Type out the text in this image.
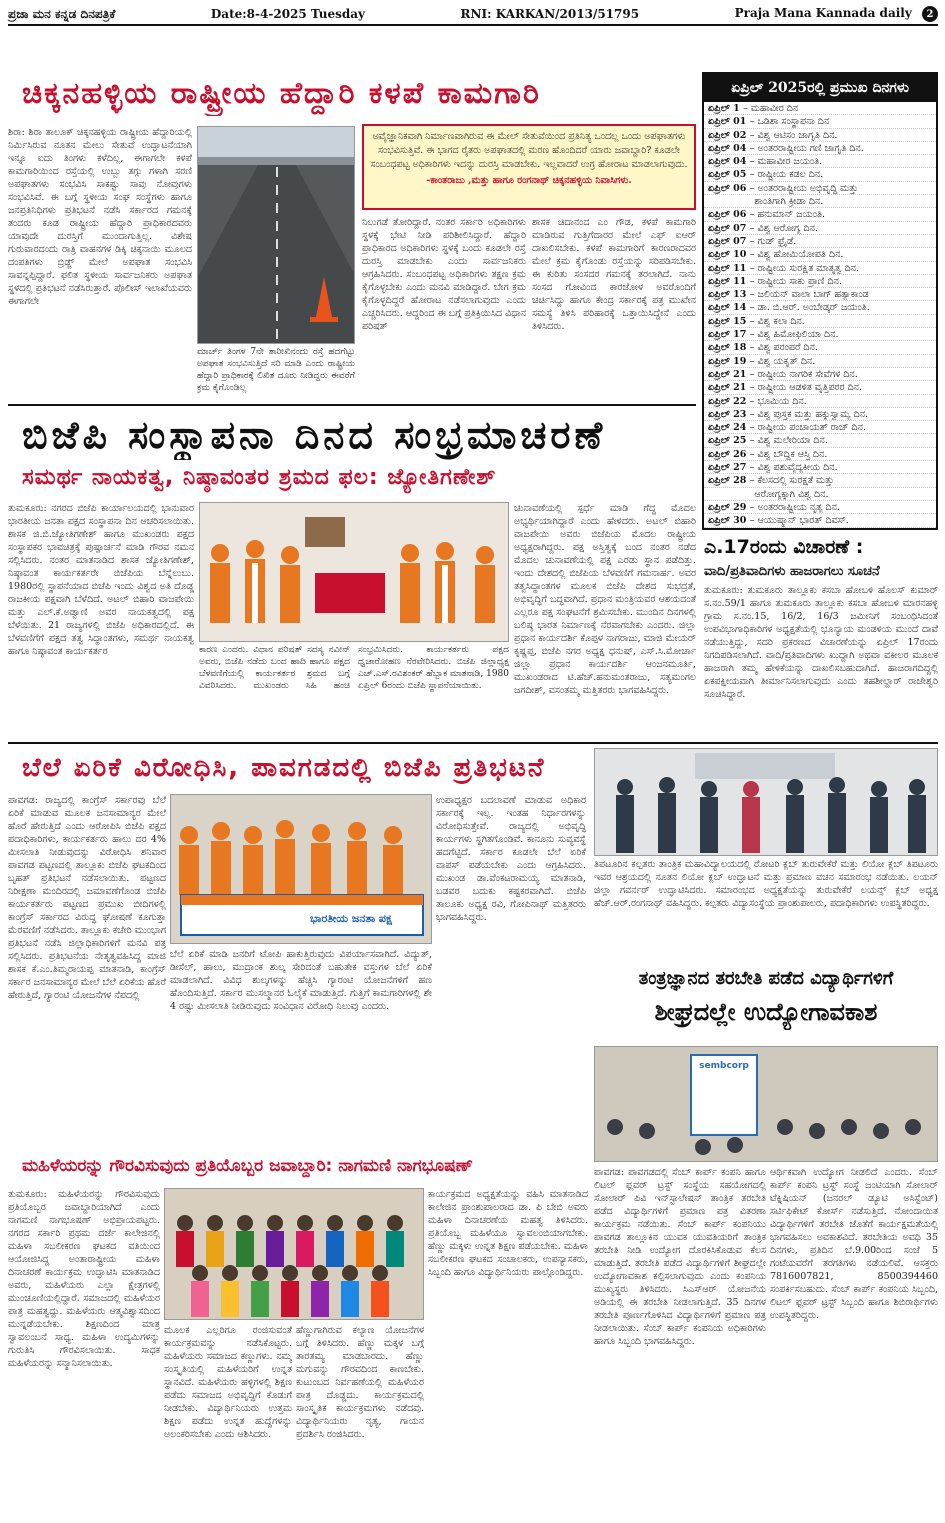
ಪ್ರಜಾ ಮನ ಕನ್ನಡ ದಿನಪತ್ರಿಕೆ	Date:8-4-2025 Tuesday	RNI: KARKAN/2013/51795	Praja Mana Kannada daily 2
ಚಿಕ್ಕನಹಳ್ಳಿಯ ರಾಷ್ಟ್ರೀಯ ಹೆದ್ದಾರಿ ಕಳಪೆ ಕಾಮಗಾರಿ
ಶಿರಾ: ಶಿರಾ ತಾಲೂಕ್ ಚಿಕ್ಕನಹಳ್ಳಿಯ ರಾಷ್ಟ್ರೀಯ ಹೆದ್ದಾರಿಯಲ್ಲಿ ನಿರ್ಮಿಸಿರುವ ನೂತನ ಮೇಲು ಸೇತುವೆ ಉದ್ಘಾಟನೆಯಾಗಿ ಇನ್ನೂ ಐದು ತಿಂಗಳು ಕಳೆದಿಲ್ಲ, ಈಗಾಗಲೇ ಕಳಪೆ ಕಾಮಗಾರಿಯಿಂದ ರಸ್ತೆಯಲ್ಲಿ ಉಬ್ಬು ತಗ್ಗು ಗಳಾಗಿ ಸರಣಿ ಅಪಘಾತಗಳು ಸಂಭವಿಸಿ ಸಾಕಷ್ಟು ಸಾವು ನೋವುಗಳು ಸಂಭವಿಸಿವೆ. ಈ ಬಗ್ಗೆ ಸ್ಥಳೀಯ ಸಂಘ ಸಂಸ್ಥೆಗಳು ಹಾಗೂ ಜನಪ್ರತಿನಿಧಿಗಳು ಪ್ರತಿಭಟನೆ ನಡೆಸಿ ಸರ್ಕಾರದ ಗಮನಕ್ಕೆ ತಂದರು ಕೂಡ ರಾಷ್ಟ್ರೀಯ ಹೆದ್ದಾರಿ ಪ್ರಾಧಿಕಾರದವರು ಯಾವುದೇ ದುರಸ್ತಿಗೆ ಮುಂದಾಗುತ್ತಿಲ್ಲ. ವಿಶೇಷ ಗುರುವಾರದಂದು ರಾತ್ರಿ ವಾಹನಗಳ ಡಿಕ್ಕಿ ಚಿಕ್ಕನಾಯಿ ಮೂಲದ ದಂಪತಿಗಳು ಬ್ರಿಡ್ಜ್ ಮೇಲೆ ಅಪಘಾತ ಸಂಭವಿಸಿ ಸಾವನ್ನಪ್ಪಿದ್ದಾರೆ. ಫಲಿತ ಸ್ಥಳೀಯ ಸಾರ್ವಜನಿಕರು ಅಪಘಾತ ಸ್ಥಳದಲ್ಲಿ ಪ್ರತಿಭಟನೆ ನಡೆಸಿರುತ್ತಾರೆ. ಪೊಲೀಸ್ ಇಲಾಖೆಯವರು ಈಗಾಗಲೇ
ಮಾರ್ಚ್ ತಿಂಗಳ 7ನೇ ತಾರೀಖಿನಂದು ರಸ್ತೆ ಹದಗೆಟ್ಟು ಅಪಘಾತ ಸಂಭವಿಸುತ್ತಿದೆ ಸರಿ ಮಾಡಿ ಎಂದು ರಾಷ್ಟ್ರೀಯ ಹೆದ್ದಾರಿ ಪ್ರಾಧಿಕಾರಕ್ಕೆ ಲಿಖಿತ ದೂರು ನೀಡಿದ್ದರು ಈವರೆಗೆ ಕ್ರಮ ಕೈಗೊಂಡಿಲ್ಲ
ಅವೈಜ್ಞಾನಿಕವಾಗಿ ನಿರ್ಮಾಣವಾಗಿರುವ ಈ ಮೇಲ್ ಸೇತುವೆಯಿಂದ ಪ್ರತಿನಿತ್ಯ ಒಂದಲ್ಲ ಒಂದು ಅಪಘಾತಗಳು ಸಂಭವಿಸುತ್ತಿವೆ. ಈ ಭಾಗದ ರೈತರು ಅಪಘಾತದಲ್ಲಿ ಮರಣ ಹೊಂದಿದರೆ ಯಾರು ಜವಾಬ್ದಾರಿ? ಕೂಡಲೇ ಸಂಬಂಧಪಟ್ಟ ಅಧಿಕಾರಿಗಳು ಇದನ್ನು ದುರಸ್ತಿ ಮಾಡಬೇಕು. ಇಲ್ಲವಾದರೆ ಉಗ್ರ ಹೋರಾಟ ಮಾಡಲಾಗುವುದು.
-ಕಾಂತರಾಜು ,ಮತ್ತು ಹಾಗೂ ರಂಗನಾಥ್ ಚಿಕ್ಕನಹಳ್ಳಿಯ ನಿವಾಸಿಗಳು.
ನಿಲುಗಡೆ ತೋರಿದ್ದಾರೆ. ನಂತರ ಸರ್ಕಾರಿ ಅಧಿಕಾರಿಗಳು ಸ್ಥಳಕ್ಕೆ ಭೇಟಿ ನೀಡಿ ಪರಿಶೀಲಿಸಿದ್ದಾರೆ. ಹೆದ್ದಾರಿ ಪ್ರಾಧಿಕಾರದ ಅಧಿಕಾರಿಗಳು ಸ್ಥಳಕ್ಕೆ ಬಂದು ಕೂಡಲೇ ರಸ್ತೆ ದುರಸ್ತಿ ಮಾಡಬೇಕು ಎಂದು ಸಾರ್ವಜನಿಕರು ಆಗ್ರಹಿಸಿದರು. ಸಂಬಂಧಪಟ್ಟ ಅಧಿಕಾರಿಗಳು ತಕ್ಷಣ ಕ್ರಮ ಕೈಗೊಳ್ಳಬೇಕು ಎಂದು ಮನವಿ ಮಾಡಿದ್ದಾರೆ. ಬೇಗ ಕ್ರಮ ಕೈಗೊಳ್ಳದಿದ್ದರೆ ಹೋರಾಟ ನಡೆಸಲಾಗುವುದು ಎಂದು ಎಚ್ಚರಿಸಿದರು. ಆದ್ದರಿಂದ ಈ ಬಗ್ಗೆ ಪ್ರತಿಕ್ರಿಯಿಸಿದ ವಿಧಾನ ಪರಿಷತ್
ಶಾಸಕ ಚಿದಾನಂದ ಎಂ ಗೌಡ, ಕಳಪೆ ಕಾಮಗಾರಿ ಮಾಡಿರುವ ಗುತ್ತಿಗೆದಾರರ ಮೇಲೆ ಎಫ್ ಐಆರ್ ದಾಖಲಿಸಬೇಕು. ಕಳಪೆ ಕಾಮಗಾರಿಗೆ ಕಾರಣರಾದವರ ಮೇಲೆ ಕ್ರಮ ಕೈಗೊಂಡು ರಸ್ತೆಯನ್ನು ಸರಿಪಡಿಸಬೇಕು. ಈ ಕುರಿತು ಸಂಸದರ ಗಮನಕ್ಕೆ ತರಲಾಗಿದೆ. ನಾನು ಸಂಸದ ಗೋವಿಂದ ಕಾರಜೋಳ ಅವರೊಂದಿಗೆ ಚರ್ಚಿಸಿದ್ದು ಹಾಗೂ ಕೇಂದ್ರ ಸರ್ಕಾರಕ್ಕೆ ಪತ್ರ ಮುಖೇನ ಸಮಸ್ಯೆ ತಿಳಿಸಿ ಪರಿಹಾರಕ್ಕೆ ಒತ್ತಾಯಿಸಿದ್ದೇನೆ ಎಂದು ತಿಳಿಸಿದರು.
ಏಪ್ರಿಲ್ 2025ರಲ್ಲಿ ಪ್ರಮುಖ ದಿನಗಳು
ಏಪ್ರಿಲ್ 1 – ಮಹಾವೀರ ದಿನ
ಏಪ್ರಿಲ್ 01 – ಒಡಿಶಾ ಸಂಸ್ಥಾಪನಾ ದಿನ
ಏಪ್ರಿಲ್ 02 – ವಿಶ್ವ ಆಟಿಸಂ ಜಾಗೃತಿ ದಿನ.
ಏಪ್ರಿಲ್ 04 – ಅಂತರರಾಷ್ಟ್ರೀಯ ಗಣಿ ಜಾಗೃತಿ ದಿನ.
ಏಪ್ರಿಲ್ 04 – ಮಹಾವೀರ ಜಯಂತಿ.
ಏಪ್ರಿಲ್ 05 – ರಾಷ್ಟ್ರೀಯ ಕಡಲ ದಿನ.
ಏಪ್ರಿಲ್ 06 – ಅಂತರರಾಷ್ಟ್ರೀಯ ಅಭಿವೃದ್ಧಿ ಮತ್ತು
ಶಾಂತಿಗಾಗಿ ಕ್ರೀಡಾ ದಿನ.
ಏಪ್ರಿಲ್ 06 – ಹನುಮಾನ್ ಜಯಂತಿ.
ಏಪ್ರಿಲ್ 07 – ವಿಶ್ವ ಆರೋಗ್ಯ ದಿನ.
ಏಪ್ರಿಲ್ 07 – ಗುಡ್ ಫ್ರೈಡೆ.
ಏಪ್ರಿಲ್ 10 – ವಿಶ್ವ ಹೋಮಿಯೋಪತಿ ದಿನ.
ಏಪ್ರಿಲ್ 11 – ರಾಷ್ಟ್ರೀಯ ಸುರಕ್ಷಿತ ಮಾತೃತ್ವ ದಿನ.
ಏಪ್ರಿಲ್ 11 – ರಾಷ್ಟ್ರೀಯ ಸಾಕು ಪ್ರಾಣಿ ದಿನ.
ಏಪ್ರಿಲ್ 13 – ಜಲಿಯನ್ ವಾಲಾ ಬಾಗ್ ಹತ್ಯಾಕಾಂಡ
ಏಪ್ರಿಲ್ 14 – ಡಾ. ಬಿ.ಆರ್. ಅಂಬೇಡ್ಕರ್ ಜಯಂತಿ.
ಏಪ್ರಿಲ್ 15 – ವಿಶ್ವ ಕಲಾ ದಿನ.
ಏಪ್ರಿಲ್ 17 – ವಿಶ್ವ ಹಿಮೋಫಿಲಿಯಾ ದಿನ.
ಏಪ್ರಿಲ್ 18 – ವಿಶ್ವ ಪರಂಪರೆ ದಿನ.
ಏಪ್ರಿಲ್ 19 – ವಿಶ್ವ ಯಕೃತ್ ದಿನ.
ಏಪ್ರಿಲ್ 21 – ರಾಷ್ಟ್ರೀಯ ನಾಗರಿಕ ಸೇವೆಗಳ ದಿನ.
ಏಪ್ರಿಲ್ 21 – ರಾಷ್ಟ್ರೀಯ ಆಡಳಿತ ವೃತ್ತಿಪರರ ದಿನ.
ಏಪ್ರಿಲ್ 22 – ಭೂಮಿಯ ದಿನ.
ಏಪ್ರಿಲ್ 23 – ವಿಶ್ವ ಪುಸ್ತಕ ಮತ್ತು ಹಕ್ಕುಸ್ವಾಮ್ಯ ದಿನ.
ಏಪ್ರಿಲ್ 24 – ರಾಷ್ಟ್ರೀಯ ಪಂಚಾಯತ್ ರಾಜ್ ದಿನ.
ಏಪ್ರಿಲ್ 25 – ವಿಶ್ವ ಮಲೇರಿಯಾ ದಿನ.
ಏಪ್ರಿಲ್ 26 – ವಿಶ್ವ ಬೌದ್ಧಿಕ ಆಸ್ತಿ ದಿನ.
ಏಪ್ರಿಲ್ 27 – ವಿಶ್ವ ಪಶುವೈದ್ಯಕೀಯ ದಿನ.
ಏಪ್ರಿಲ್ 28 – ಕೆಲಸದಲ್ಲಿ ಸುರಕ್ಷತೆ ಮತ್ತು
ಆರೋಗ್ಯಕ್ಕಾಗಿ ವಿಶ್ವ ದಿನ.
ಏಪ್ರಿಲ್ 29 – ಅಂತರರಾಷ್ಟ್ರೀಯ ನೃತ್ಯ ದಿನ.
ಏಪ್ರಿಲ್ 30 – ಆಯುಷ್ಮಾನ್ ಭಾರತ್ ದಿವಸ್.
ಬಿಜೆಪಿ ಸಂಸ್ಥಾಪನಾ ದಿನದ ಸಂಭ್ರಮಾಚರಣೆ
ಸಮರ್ಥ ನಾಯಕತ್ವ, ನಿಷ್ಠಾವಂತರ ಶ್ರಮದ ಫಲ: ಜ್ಯೋತಿಗಣೇಶ್
ತುಮಕೂರು: ನಗರದ ಬಿಜೆಪಿ ಕಾರ್ಯಾಲಯದಲ್ಲಿ ಭಾನುವಾರ ಭಾರತೀಯ ಜನತಾ ಪಕ್ಷದ ಸಂಸ್ಥಾಪನಾ ದಿನ ಆಚರಿಸಲಾಯಿತು. ಶಾಸಕ ಜಿ.ಬಿ.ಜ್ಯೋತಿಗಣೇಶ್ ಹಾಗೂ ಮುಖಂಡರು ಪಕ್ಷದ ಸಂಸ್ಥಾಪಕರ ಭಾವಚಿತ್ರಕ್ಕೆ ಪುಷ್ಪಾರ್ಚನೆ ಮಾಡಿ ಗೌರವ ನಮನ ಸಲ್ಲಿಸಿದರು. ನಂತರ ಮಾತನಾಡಿದ ಶಾಸಕ ಜ್ಯೋತಿಗಣೇಶ್, ನಿಷ್ಠಾವಂತ ಕಾರ್ಯಕರ್ತರೇ ಬಿಜೆಪಿಯ ಬೆನ್ನೆಲುಬು. 1980ರಲ್ಲಿ ಸ್ಥಾಪನೆಯಾದ ಬಿಜೆಪಿ ಇಂದು ವಿಶ್ವದ ಅತಿ ದೊಡ್ಡ ರಾಜಕೀಯ ಪಕ್ಷವಾಗಿ ಬೆಳೆದಿದೆ. ಅಟಲ್ ಬಿಹಾರಿ ವಾಜಪೇಯಿ ಮತ್ತು ಎಲ್.ಕೆ.ಅಡ್ವಾಣಿ ಅವರ ನಾಯಕತ್ವದಲ್ಲಿ ಪಕ್ಷ ಬೆಳೆಯಿತು. 21 ರಾಜ್ಯಗಳಲ್ಲಿ ಬಿಜೆಪಿ ಅಧಿಕಾರದಲ್ಲಿದೆ. ಈ ಬೆಳವಣಿಗೆಗೆ ಪಕ್ಷದ ತತ್ವ ಸಿದ್ಧಾಂತಗಳು, ಸಮರ್ಥ ನಾಯಕತ್ವ ಹಾಗೂ ನಿಷ್ಠಾವಂತ ಕಾರ್ಯಕರ್ತರ	ಕಾರಣ ಎಂದರು. ವಿಧಾನ ಪರಿಷತ್ ಸದಸ್ಯ ನವೀನ್ ಅವರು, ಬಿಜೆಪಿ ನಡೆದು ಬಂದ ಹಾದಿ ಹಾಗೂ ಪಕ್ಷದ ಬೆಳವಣಿಗೆಯಲ್ಲಿ ಕಾರ್ಯಕರ್ತರ ಶ್ರಮದ ಬಗ್ಗೆ ವಿವರಿಸಿದರು. ಮುಖಂಡರು ಸಿಹಿ ಹಂಚಿ ಸಂಭ್ರಮಿಸಿದರು. ಕಾರ್ಯಕರ್ತರು ಪಕ್ಷದ ಧ್ವಜಾರೋಹಣ ನೆರವೇರಿಸಿದರು. ಬಿಜೆಪಿ ಜಿಲ್ಲಾಧ್ಯಕ್ಷ ಎಚ್.ಎಸ್.ರವಿಶಂಕರ್ ಹೆಬ್ಬಾಕ ಮಾತನಾಡಿ, 1980 ಏಪ್ರಿಲ್ 6ರಂದು ಬಿಜೆಪಿ ಸ್ಥಾಪನೆಯಾಯಿತು.
ಚುನಾವಣೆಯಲ್ಲಿ ಸ್ಪರ್ಧೆ ಮಾಡಿ ಗೆದ್ದ ಮೊದಲ ಅಭ್ಯರ್ಥಿಯಾಗಿದ್ದಾರೆ ಎಂದು ಹೇಳಿದರು. ಅಟಲ್ ಬಿಹಾರಿ ವಾಜಪೇಯಿ ಅವರು ಬಿಜೆಪಿಯ ಮೊದಲ ರಾಷ್ಟ್ರೀಯ ಅಧ್ಯಕ್ಷರಾಗಿದ್ದರು. ಪಕ್ಷ ಅಸ್ತಿತ್ವಕ್ಕೆ ಬಂದ ನಂತರ ನಡೆದ ಮೊದಲ ಚುನಾವಣೆಯಲ್ಲಿ ಪಕ್ಷ ಎರಡು ಸ್ಥಾನ ಪಡೆದಿತ್ತು. ಇಂದು ದೇಶದಲ್ಲಿ ಬಿಜೆಪಿಯ ಬೆಳವಣಿಗೆ ಗಮನಾರ್ಹ. ಅವರ ತತ್ವಸಿದ್ಧಾಂತಗಳ ಮೂಲಕ ಬಿಜೆಪಿ ದೇಶದ ಸುಭದ್ರತೆ, ಅಭಿವೃದ್ಧಿಗೆ ಬದ್ಧವಾಗಿದೆ. ಪ್ರಧಾನ ಮಂತ್ರಿಯವರ ಆಶಯದಂತೆ ಎಲ್ಲರೂ ಪಕ್ಷ ಸಂಘಟನೆಗೆ ಶ್ರಮಿಸಬೇಕು. ಮುಂದಿನ ದಿನಗಳಲ್ಲಿ ಬಲಿಷ್ಠ ಭಾರತ ನಿರ್ಮಾಣಕ್ಕೆ ನೆರವಾಗಬೇಕು ಎಂದರು. ಜಿಲ್ಲಾ ಪ್ರಧಾನ ಕಾರ್ಯದರ್ಶಿ ಕೊಪ್ಪಳ ನಾಗರಾಜು, ಮಾಜಿ ಮೇಯರ್ ಕೃಷ್ಣಪ್ಪ, ಬಿಜೆಪಿ ನಗರ ಅಧ್ಯಕ್ಷ ಧನುಷ್, ಎಸ್.ಸಿ.ಮೋರ್ಚಾ ಜಿಲ್ಲಾ ಪ್ರಧಾನ ಕಾರ್ಯದರ್ಶಿ ಆಂಜನಮೂರ್ತಿ, ಮುಖಂಡರಾದ ಟಿ.ಹೆಚ್.ಹನುಮಂತರಾಜು, ಸತ್ಯಮಂಗಲ ಜಗದೀಶ್, ವಸಂತಮ್ಮ ಮತ್ತಿತರರು ಭಾಗವಹಿಸಿದ್ದರು.
ಎ.17ರಂದು ವಿಚಾರಣೆ :
ವಾದಿ/ಪ್ರತಿವಾದಿಗಳು ಹಾಜರಾಗಲು ಸೂಚನೆ
ತುಮಕೂರು: ತುಮಕೂರು ತಾಲ್ಲೂಕು ಕಸಬಾ ಹೋಬಳಿ ಹೊಲಸ್ ಕುಮಾರ್ ಸ.ನಂ.59/1 ಹಾಗೂ ತುಮಕೂರು ತಾಲ್ಲೂಕು ಕಸಬಾ ಹೋಬಳಿ ಮಾರನಹಳ್ಳಿ ಗ್ರಾಮ ಸ.ನಂ.15, 16/2, 16/3 ಜಮೀನಿಗೆ ಸಂಬಂಧಿಸಿದಂತೆ ಉಪವಿಭಾಗಾಧಿಕಾರಿಗಳ ಅಧ್ಯಕ್ಷತೆಯಲ್ಲಿ ಭೂನ್ಯಾಯ ಮಂಡಳಿಯ ಮುಂದೆ ದಾವೆ ನಡೆಯುತ್ತಿದ್ದು, ಸದರಿ ಪ್ರಕರಣದ ವಿಚಾರಣೆಯನ್ನು ಏಪ್ರಿಲ್ 17ರಂದು ನಿಗದಿಪಡಿಸಲಾಗಿದೆ. ವಾದಿ/ಪ್ರತಿವಾದಿಗಳು ಖುದ್ದಾಗಿ ಅಥವಾ ವಕೀಲರ ಮೂಲಕ ಹಾಜರಾಗಿ ತಮ್ಮ ಹೇಳಿಕೆಯನ್ನು ದಾಖಲಿಸಬಹುದಾಗಿದೆ. ಹಾಜರಾಗದಿದ್ದಲ್ಲಿ ಏಕಪಕ್ಷೀಯವಾಗಿ ತೀರ್ಮಾನಿಸಲಾಗುವುದು ಎಂದು ತಹಶೀಲ್ದಾರ್ ರಾಜೇಶ್ವರಿ ಸೂಚಿಸಿದ್ದಾರೆ.
ಬೆಲೆ ಏರಿಕೆ ವಿರೋಧಿಸಿ, ಪಾವಗಡದಲ್ಲಿ ಬಿಜೆಪಿ ಪ್ರತಿಭಟನೆ
ಪಾವಗಡ: ರಾಜ್ಯದಲ್ಲಿ ಕಾಂಗ್ರೆಸ್ ಸರ್ಕಾರವು ಬೆಲೆ ಏರಿಕೆ ಮಾಡುವ ಮೂಲಕ ಜನಸಾಮಾನ್ಯರ ಮೇಲೆ ಹೊರೆ ಹೇರುತ್ತಿದೆ ಎಂದು ಆರೋಪಿಸಿ ಬಿಜೆಪಿ ಪಕ್ಷದ ಪದಾಧಿಕಾರಿಗಳು, ಕಾರ್ಯಕರ್ತರು ಹಾಲು ದರ 4% ಮೀಸಲಾತಿ ನೀಡುವುದನ್ನು ವಿರೋಧಿಸಿ ಶನಿವಾರ ಪಾವಗಡ ಪಟ್ಟಣದಲ್ಲಿ ತಾಲ್ಲೂಕು ಬಿಜೆಪಿ ಘಟಕದಿಂದ ಬೃಹತ್ ಪ್ರತಿಭಟನೆ ನಡೆಸಲಾಯಿತು. ಪಟ್ಟಣದ ನಿರೀಕ್ಷಣಾ ಮಂದಿರದಲ್ಲಿ ಜಮಾವಣೆಗೊಂಡ ಬಿಜೆಪಿ ಕಾರ್ಯಕರ್ತರು ಪಟ್ಟಣದ ಪ್ರಮುಖ ಬೀದಿಗಳಲ್ಲಿ ಕಾಂಗ್ರೆಸ್ ಸರ್ಕಾರದ ವಿರುದ್ಧ ಘೋಷಣೆ ಕೂಗುತ್ತಾ ಮೆರವಣಿಗೆ ನಡೆಸಿದರು. ತಾಲ್ಲೂಕು ಕಚೇರಿ ಮುಂಭಾಗ ಪ್ರತಿಭಟನೆ ನಡೆಸಿ ಜಿಲ್ಲಾಧಿಕಾರಿಗಳಿಗೆ ಮನವಿ ಪತ್ರ ಸಲ್ಲಿಸಿದರು. ಪ್ರತಿಭಟನೆಯ ನೇತೃತ್ವವಹಿಸಿದ್ದ ಮಾಜಿ ಶಾಸಕ ಕೆ.ಎಂ.ತಿಮ್ಮರಾಯಪ್ಪ ಮಾತನಾಡಿ, ಕಾಂಗ್ರೆಸ್ ಸರ್ಕಾರ ಜನಸಾಮಾನ್ಯರ ಮೇಲೆ ಬೆಲೆ ಏರಿಕೆಯ ಹೊರೆ ಹೇರುತ್ತಿದೆ, ಗ್ಯಾರಂಟಿ ಯೋಜನೆಗಳ ನೆಪದಲ್ಲಿ
ಭಾರತೀಯ ಜನತಾ ಪಕ್ಷ
ಬೆಲೆ ಏರಿಕೆ ಮಾಡಿ ಜನರಿಗೆ ಟೋಪಿ ಹಾಕುತ್ತಿರುವುದು ವಿಪರ್ಯಾಸವಾಗಿದೆ. ವಿದ್ಯುತ್, ಡೀಸೆಲ್, ಹಾಲು, ಮುದ್ರಾಂಕ ಶುಲ್ಕ ಸೇರಿದಂತೆ ಬಹುತೇಕ ವಸ್ತುಗಳ ಬೆಲೆ ಏರಿಕೆ ಮಾಡಲಾಗಿದೆ. ವಿವಿಧ ಶುಲ್ಕಗಳನ್ನು ಹೆಚ್ಚಿಸಿ ಗ್ಯಾರಂಟಿ ಯೋಜನೆಗಳಿಗೆ ಹಣ ಹೊಂದಿಸುತ್ತಿದೆ. ಸರ್ಕಾರ ಮುಸಲ್ಮಾನರ ಓಲೈಕೆ ಮಾಡುತ್ತಿದೆ. ಗುತ್ತಿಗೆ ಕಾಮಗಾರಿಗಳಲ್ಲಿ ಶೇ 4 ರಷ್ಟು ಮೀಸಲಾತಿ ನೀಡಿರುವುದು ಸಂವಿಧಾನ ವಿರೋಧಿ ನಿಲುವು ಎಂದರು.
ಉಪಾಧ್ಯಕ್ಷರ ಬದಲಾವಣೆ ಮಾಡುವ ಅಧಿಕಾರ ಸರ್ಕಾರಕ್ಕೆ ಇಲ್ಲ. ಇಂತಹ ನಿರ್ಧಾರಗಳನ್ನು ವಿರೋಧಿಸುತ್ತೇವೆ. ರಾಜ್ಯದಲ್ಲಿ ಅಭಿವೃದ್ಧಿ ಕಾರ್ಯಗಳು ಸ್ಥಗಿತಗೊಂಡಿವೆ. ಕಾನೂನು ಸುವ್ಯವಸ್ಥೆ ಹದಗೆಟ್ಟಿದೆ. ಸರ್ಕಾರ ಕೂಡಲೇ ಬೆಲೆ ಏರಿಕೆ ವಾಪಸ್ ಪಡೆಯಬೇಕು ಎಂದು ಆಗ್ರಹಿಸಿದರು. ಮುಖಂಡ ಡಾ.ವೆಂಕಟರಾಮಯ್ಯ ಮಾತನಾಡಿ, ಬಡವರ ಬದುಕು ಕಷ್ಟಕರವಾಗಿದೆ. ಬಿಜೆಪಿ ತಾಲೂಕು ಅಧ್ಯಕ್ಷ ರವಿ, ಗೋಪಿನಾಥ್ ಮತ್ತಿತರರು ಭಾಗವಹಿಸಿದ್ದರು.
ತಿಪಟೂರಿನ ಕಲ್ಪತರು ತಾಂತ್ರಿಕ ಮಹಾವಿದ್ಯಾಲಯದಲ್ಲಿ ರೋಟರಿ ಕ್ಲಬ್ ತುರುವೇಕೆರೆ ಮತ್ತು ಲಿಯೋ ಕ್ಲಬ್ ತಿಪಟೂರು ಇವರ ಆಶ್ರಯದಲ್ಲಿ ನೂತನ ಲಿಯೋ ಕ್ಲಬ್ ಉದ್ಘಾಟನೆ ಮತ್ತು ಪ್ರಮಾಣ ವಚನ ಸಮಾರಂಭ ನಡೆಯಿತು. ಲಯನ್ ಜಿಲ್ಲಾ ಗವರ್ನರ್ ಉದ್ಘಾಟಿಸಿದರು. ಸಮಾರಂಭದ ಅಧ್ಯಕ್ಷತೆಯನ್ನು ತುರುವೇಕೆರೆ ಲಯನ್ಸ್ ಕ್ಲಬ್ ಅಧ್ಯಕ್ಷ ಹೆಚ್.ಆರ್.ರಂಗನಾಥ್ ವಹಿಸಿದ್ದರು. ಕಲ್ಪತರು ವಿದ್ಯಾಸಂಸ್ಥೆಯ ಪ್ರಾಂಶುಪಾಲರು, ಪದಾಧಿಕಾರಿಗಳು ಉಪಸ್ಥಿತರಿದ್ದರು.
ತಂತ್ರಜ್ಞಾನದ ತರಬೇತಿ ಪಡೆದ ವಿದ್ಯಾರ್ಥಿಗಳಿಗೆ
ಶೀಘ್ರದಲ್ಲೇ ಉದ್ಯೋಗಾವಕಾಶ
sembcorp
ಪಾವಗಡ: ಪಾವಗಡದಲ್ಲಿ ಸೆಂಬ್ ಕಾರ್ಪ್ ಕಂಪನಿ ಹಾಗೂ ಲಿಟಲ್ ಫ್ಲವರ್ ಟ್ರಸ್ಟ್ ಸಂಸ್ಥೆಯ ಸಹಯೋಗದಲ್ಲಿ ಸೋಲಾರ್ ಪಿವಿ ಇನ್‌ಸ್ಟಾಲೇಷನ್ ತಾಂತ್ರಿಕ ತರಬೇತಿ ಪಡೆದ ವಿದ್ಯಾರ್ಥಿಗಳಿಗೆ ಪ್ರಮಾಣ ಪತ್ರ ವಿತರಣಾ ಕಾರ್ಯಕ್ರಮ ನಡೆಯಿತು. ಸೆಂಬ್ ಕಾರ್ಪ್ ಕಂಪನಿಯು ಪಾವಗಡ ತಾಲ್ಲೂಕಿನ ಯುವಕ ಯುವತಿಯರಿಗೆ ತಾಂತ್ರಿಕ ತರಬೇತಿ ನೀಡಿ ಉದ್ಯೋಗ ದೊರಕಿಸಿಕೊಡುವ ಕೆಲಸ ಮಾಡುತ್ತಿದೆ. ತರಬೇತಿ ಪಡೆದ ವಿದ್ಯಾರ್ಥಿಗಳಿಗೆ ಶೀಘ್ರದಲ್ಲೇ ಉದ್ಯೋಗಾವಕಾಶ ಕಲ್ಪಿಸಲಾಗುವುದು ಎಂದು ಕಂಪನಿಯ ಮುಖ್ಯಸ್ಥರು ತಿಳಿಸಿದರು. ಸಿಎಸ್ಆರ್ ಯೋಜನೆಯ ಅಡಿಯಲ್ಲಿ ಈ ತರಬೇತಿ ನೀಡಲಾಗುತ್ತಿದೆ. 35 ದಿನಗಳ ತರಬೇತಿ ಪೂರ್ಣಗೊಳಿಸಿದ ವಿದ್ಯಾರ್ಥಿಗಳಿಗೆ ಪ್ರಮಾಣ ಪತ್ರ ನೀಡಲಾಯಿತು. ಸೆಂಬ್ ಕಾರ್ಪ್ ಕಂಪನಿಯ ಅಧಿಕಾರಿಗಳು ಹಾಗೂ ಸಿಬ್ಬಂದಿ ಭಾಗವಹಿಸಿದ್ದರು.
ಆರ್ಥಿಕವಾಗಿ ಉದ್ಯೋಗ ನೀಡಲಿದೆ ಎಂದರು. ಸೆಂಬ್ ಕಾರ್ಪ್ ಕಂಪನಿ ಟ್ರಸ್ಟ್ ಸಂಸ್ಥೆ ಜಂಟಿಯಾಗಿ ಸೋಲಾರ್ ಟೆಕ್ನಿಷಿಯನ್ (ಜನರಲ್ ಡ್ಯೂಟಿ ಅಸಿಸ್ಟೆಂಟ್) ಸರ್ಟಿಫಿಕೇಟ್ ಕೋರ್ಸ್ ನಡೆಸುತ್ತಿದೆ. ನೋಂದಾಯಿತ ವಿದ್ಯಾರ್ಥಿಗಳಿಗೆ ತರಬೇತಿ ಜೊತೆಗೆ ಕಾರ್ಯಕ್ಷಮತೆಯಲ್ಲಿ ಭಾಗವಹಿಸಲು ಅವಕಾಶವಿದೆ. ತರಬೇತಿಯ ಅವಧಿ 35 ದಿನಗಳು, ಪ್ರತಿದಿನ ಬೆ.9.00ರಿಂದ ಸಂಜೆ 5 ಗಂಟೆಯವರೆಗೆ ತರಗತಿಗಳು ನಡೆಯಲಿವೆ. ಆಸಕ್ತರು 7816007821, 8500394460 ಸಂಪರ್ಕಿಸಬಹುದು. ಸೆಂಬ್ ಕಾರ್ಪ್ ಕಂಪನಿಯ ಸಿಬ್ಬಂದಿ, ಲಿಟಲ್ ಫ್ಲವರ್ ಟ್ರಸ್ಟ್ ಸಿಬ್ಬಂದಿ ಹಾಗೂ ಶಿಬಿರಾರ್ಥಿಗಳು ಉಪಸ್ಥಿತರಿದ್ದರು.
ಮಹಿಳೆಯರನ್ನು ಗೌರವಿಸುವುದು ಪ್ರತಿಯೊಬ್ಬರ ಜವಾಬ್ದಾರಿ: ನಾಗಮಣಿ ನಾಗಭೂಷಣ್
ತುಮಕೂರು: ಮಹಿಳೆಯರನ್ನು ಗೌರವಿಸುವುದು ಪ್ರತಿಯೊಬ್ಬರ ಜವಾಬ್ದಾರಿಯಾಗಿದೆ ಎಂದು ನಾಗಮಣಿ ನಾಗಭೂಷಣ್ ಅಭಿಪ್ರಾಯಪಟ್ಟರು. ನಗರದ ಸರ್ಕಾರಿ ಪ್ರಥಮ ದರ್ಜೆ ಕಾಲೇಜಿನಲ್ಲಿ ಮಹಿಳಾ ಸಬಲೀಕರಣ ಘಟಕದ ವತಿಯಿಂದ ಆಯೋಜಿಸಿದ್ದ ಅಂತಾರಾಷ್ಟ್ರೀಯ ಮಹಿಳಾ ದಿನಾಚರಣೆ ಕಾರ್ಯಕ್ರಮ ಉದ್ಘಾಟಿಸಿ ಮಾತನಾಡಿದ ಅವರು, ಮಹಿಳೆಯರು ಎಲ್ಲಾ ಕ್ಷೇತ್ರಗಳಲ್ಲಿ ಮುಂಚೂಣಿಯಲ್ಲಿದ್ದಾರೆ. ಸಮಾಜದಲ್ಲಿ ಮಹಿಳೆಯರ ಪಾತ್ರ ಮಹತ್ವದ್ದು. ಮಹಿಳೆಯರು ಆತ್ಮವಿಶ್ವಾಸದಿಂದ ಮುನ್ನಡೆಯಬೇಕು. ಶಿಕ್ಷಣದಿಂದ ಮಾತ್ರ ಸ್ವಾವಲಂಬನೆ ಸಾಧ್ಯ. ಮಹಿಳಾ ಉದ್ಯಮಿಗಳನ್ನು ಗುರುತಿಸಿ ಗೌರವಿಸಲಾಯಿತು. ಸಾಧಕ ಮಹಿಳೆಯರನ್ನು ಸನ್ಮಾನಿಸಲಾಯಿತು.
ಮೂಲಕ ಎಲ್ಲರಿಗೂ ರಂಜಿಸುವಂತೆ ಕಾರ್ಯಕ್ರಮವನ್ನು ನಡೆಸಿಕೊಟ್ಟರು. ಮಹಿಳೆಯರು ಸಮಾಜದ ಕಣ್ಣುಗಳು. ನಮ್ಮ ಸಂಸ್ಕೃತಿಯಲ್ಲಿ ಮಹಿಳೆಯರಿಗೆ ಉನ್ನತ ಸ್ಥಾನವಿದೆ. ಮಹಿಳೆಯರು ಹಳ್ಳಿಗಳಲ್ಲಿ ಶಿಕ್ಷಣ ಪಡೆದು ಸಮಾಜದ ಅಭಿವೃದ್ಧಿಗೆ ಕೊಡುಗೆ ನೀಡಬೇಕು. ವಿದ್ಯಾರ್ಥಿನಿಯರು ಉತ್ತಮ ಶಿಕ್ಷಣ ಪಡೆದು ಉನ್ನತ ಹುದ್ದೆಗಳನ್ನು ಅಲಂಕರಿಸಬೇಕು ಎಂದು ಆಶಿಸಿದರು.
ಹೆಣ್ಣುಗಾಗಿರುವ ಕಲ್ಯಾಣ ಯೋಜನೆಗಳ ಬಗ್ಗೆ ತಿಳಿಸಿದರು. ಹೆಣ್ಣು ಮಕ್ಕಳ ಬಗ್ಗೆ ತಾರತಮ್ಯ ಮಾಡಬಾರದು. ಹೆಣ್ಣು ಮಗುವನ್ನು ಗೌರವದಿಂದ ಕಾಣಬೇಕು. ಕುಟುಂಬದ ನಿರ್ವಹಣೆಯಲ್ಲಿ ಮಹಿಳೆಯರ ಪಾತ್ರ ದೊಡ್ಡದು. ಕಾರ್ಯಕ್ರಮದಲ್ಲಿ ಸಾಂಸ್ಕೃತಿಕ ಕಾರ್ಯಕ್ರಮಗಳು ನಡೆದವು. ವಿದ್ಯಾರ್ಥಿನಿಯರು ನೃತ್ಯ, ಗಾಯನ ಪ್ರದರ್ಶಿಸಿ ರಂಜಿಸಿದರು.
ಕಾರ್ಯಕ್ರಮದ ಅಧ್ಯಕ್ಷತೆಯನ್ನು ವಹಿಸಿ ಮಾತನಾಡಿದ ಕಾಲೇಜಿನ ಪ್ರಾಂಶುಪಾಲರಾದ ಡಾ. ಪಿ ಬೇಬಿ ಅವರು ಮಹಿಳಾ ದಿನಾಚರಣೆಯ ಮಹತ್ವ ತಿಳಿಸಿದರು. ಪ್ರತಿಯೊಬ್ಬ ಮಹಿಳೆಯೂ ಸ್ವಾವಲಂಬಿಯಾಗಬೇಕು. ಹೆಣ್ಣು ಮಕ್ಕಳು ಉನ್ನತ ಶಿಕ್ಷಣ ಪಡೆಯಬೇಕು. ಮಹಿಳಾ ಸಬಲೀಕರಣ ಘಟಕದ ಸಂಚಾಲಕರು, ಉಪನ್ಯಾಸಕರು, ಸಿಬ್ಬಂದಿ ಹಾಗೂ ವಿದ್ಯಾರ್ಥಿನಿಯರು ಪಾಲ್ಗೊಂಡಿದ್ದರು.
